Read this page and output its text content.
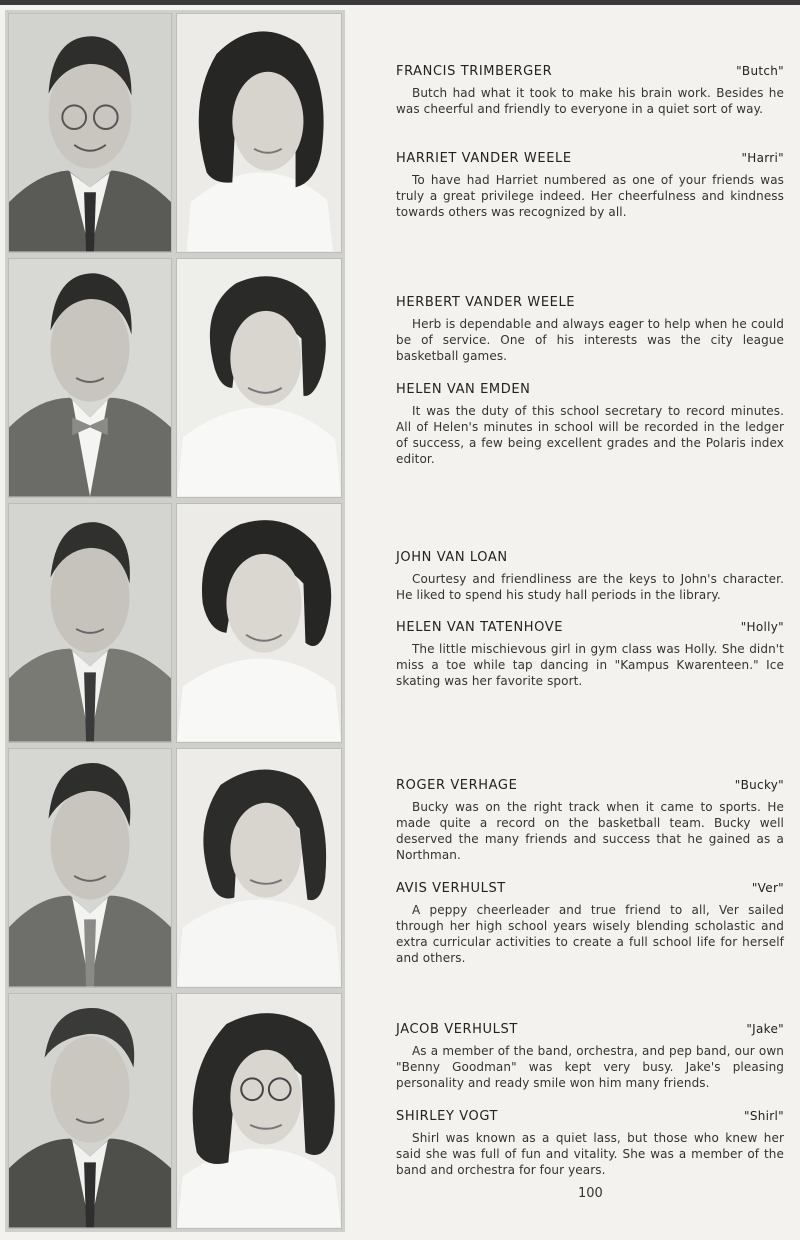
FRANCIS TRIMBERGER	"Butch"

Butch had what it took to make his brain work. Besides he was cheerful and friendly to everyone in a quiet sort of way.

HARRIET VANDER WEELE	"Harri"

To have had Harriet numbered as one of your friends was truly a great privilege indeed. Her cheerfulness and kindness towards others was recognized by all.

HERBERT VANDER WEELE

Herb is dependable and always eager to help when he could be of service. One of his interests was the city league basketball games.

HELEN VAN EMDEN

It was the duty of this school secretary to record minutes. All of Helen's minutes in school will be recorded in the ledger of success, a few being excellent grades and the Polaris index editor.

JOHN VAN LOAN

Courtesy and friendliness are the keys to John's character. He liked to spend his study hall periods in the library.

HELEN VAN TATENHOVE	"Holly"

The little mischievous girl in gym class was Holly. She didn't miss a toe while tap dancing in "Kampus Kwarenteen." Ice skating was her favorite sport.

ROGER VERHAGE	"Bucky"

Bucky was on the right track when it came to sports. He made quite a record on the basketball team. Bucky well deserved the many friends and success that he gained as a Northman.

AVIS VERHULST	"Ver"

A peppy cheerleader and true friend to all, Ver sailed through her high school years wisely blending scholastic and extra curricular activities to create a full school life for herself and others.

JACOB VERHULST	"Jake"

As a member of the band, orchestra, and pep band, our own "Benny Goodman" was kept very busy. Jake's pleasing personality and ready smile won him many friends.

SHIRLEY VOGT	"Shirl"

Shirl was known as a quiet lass, but those who knew her said she was full of fun and vitality. She was a member of the band and orchestra for four years.

100
